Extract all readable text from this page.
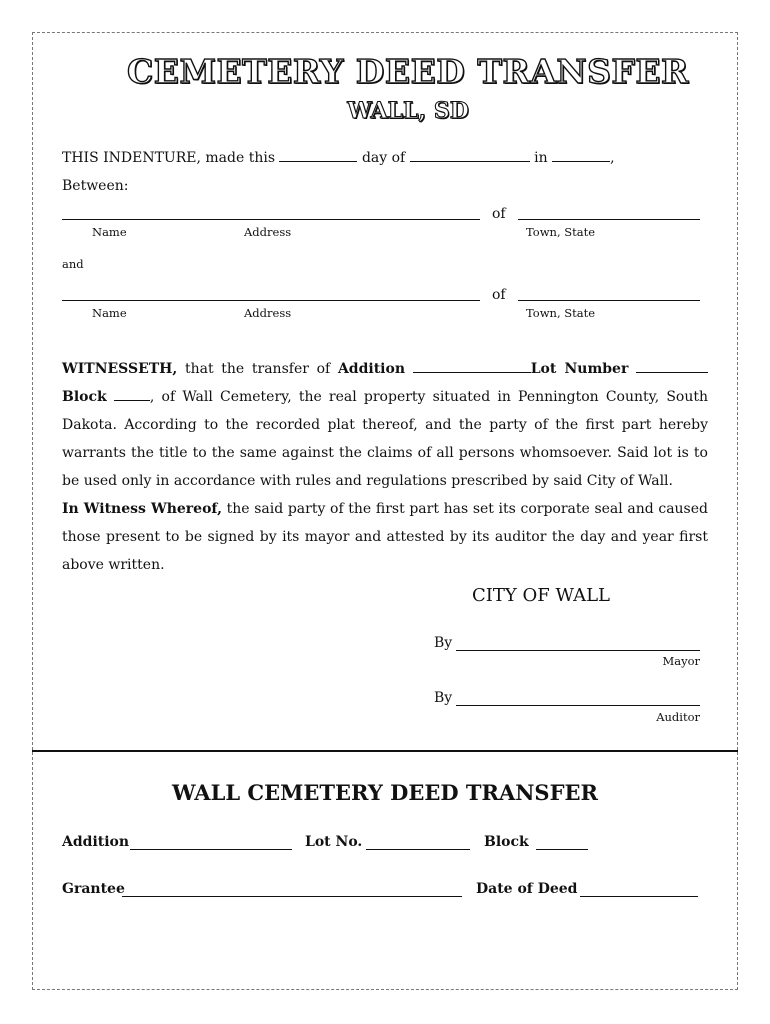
CEMETERY DEED TRANSFER
WALL, SD
THIS INDENTURE, made this	day of	in	,
Between:
of
Name	Address	Town, State
and
of
Name	Address	Town, State

WITNESSETH, that the transfer of Addition	Lot Number  Block	, of Wall Cemetery, the real property situated in Pennington County, South Dakota. According to the recorded plat thereof, and the party of the first part hereby warrants the title to the same against the claims of all persons whomsoever. Said lot is to be used only in accordance with rules and regulations prescribed by said City of Wall.

In Witness Whereof, the said party of the first part has set its corporate seal and caused those present to be signed by its mayor and attested by its auditor the day and year first above written.

CITY OF WALL
By
Mayor
By
Auditor
WALL CEMETERY DEED TRANSFER
Addition	Lot No.	Block
Grantee	Date of Deed
